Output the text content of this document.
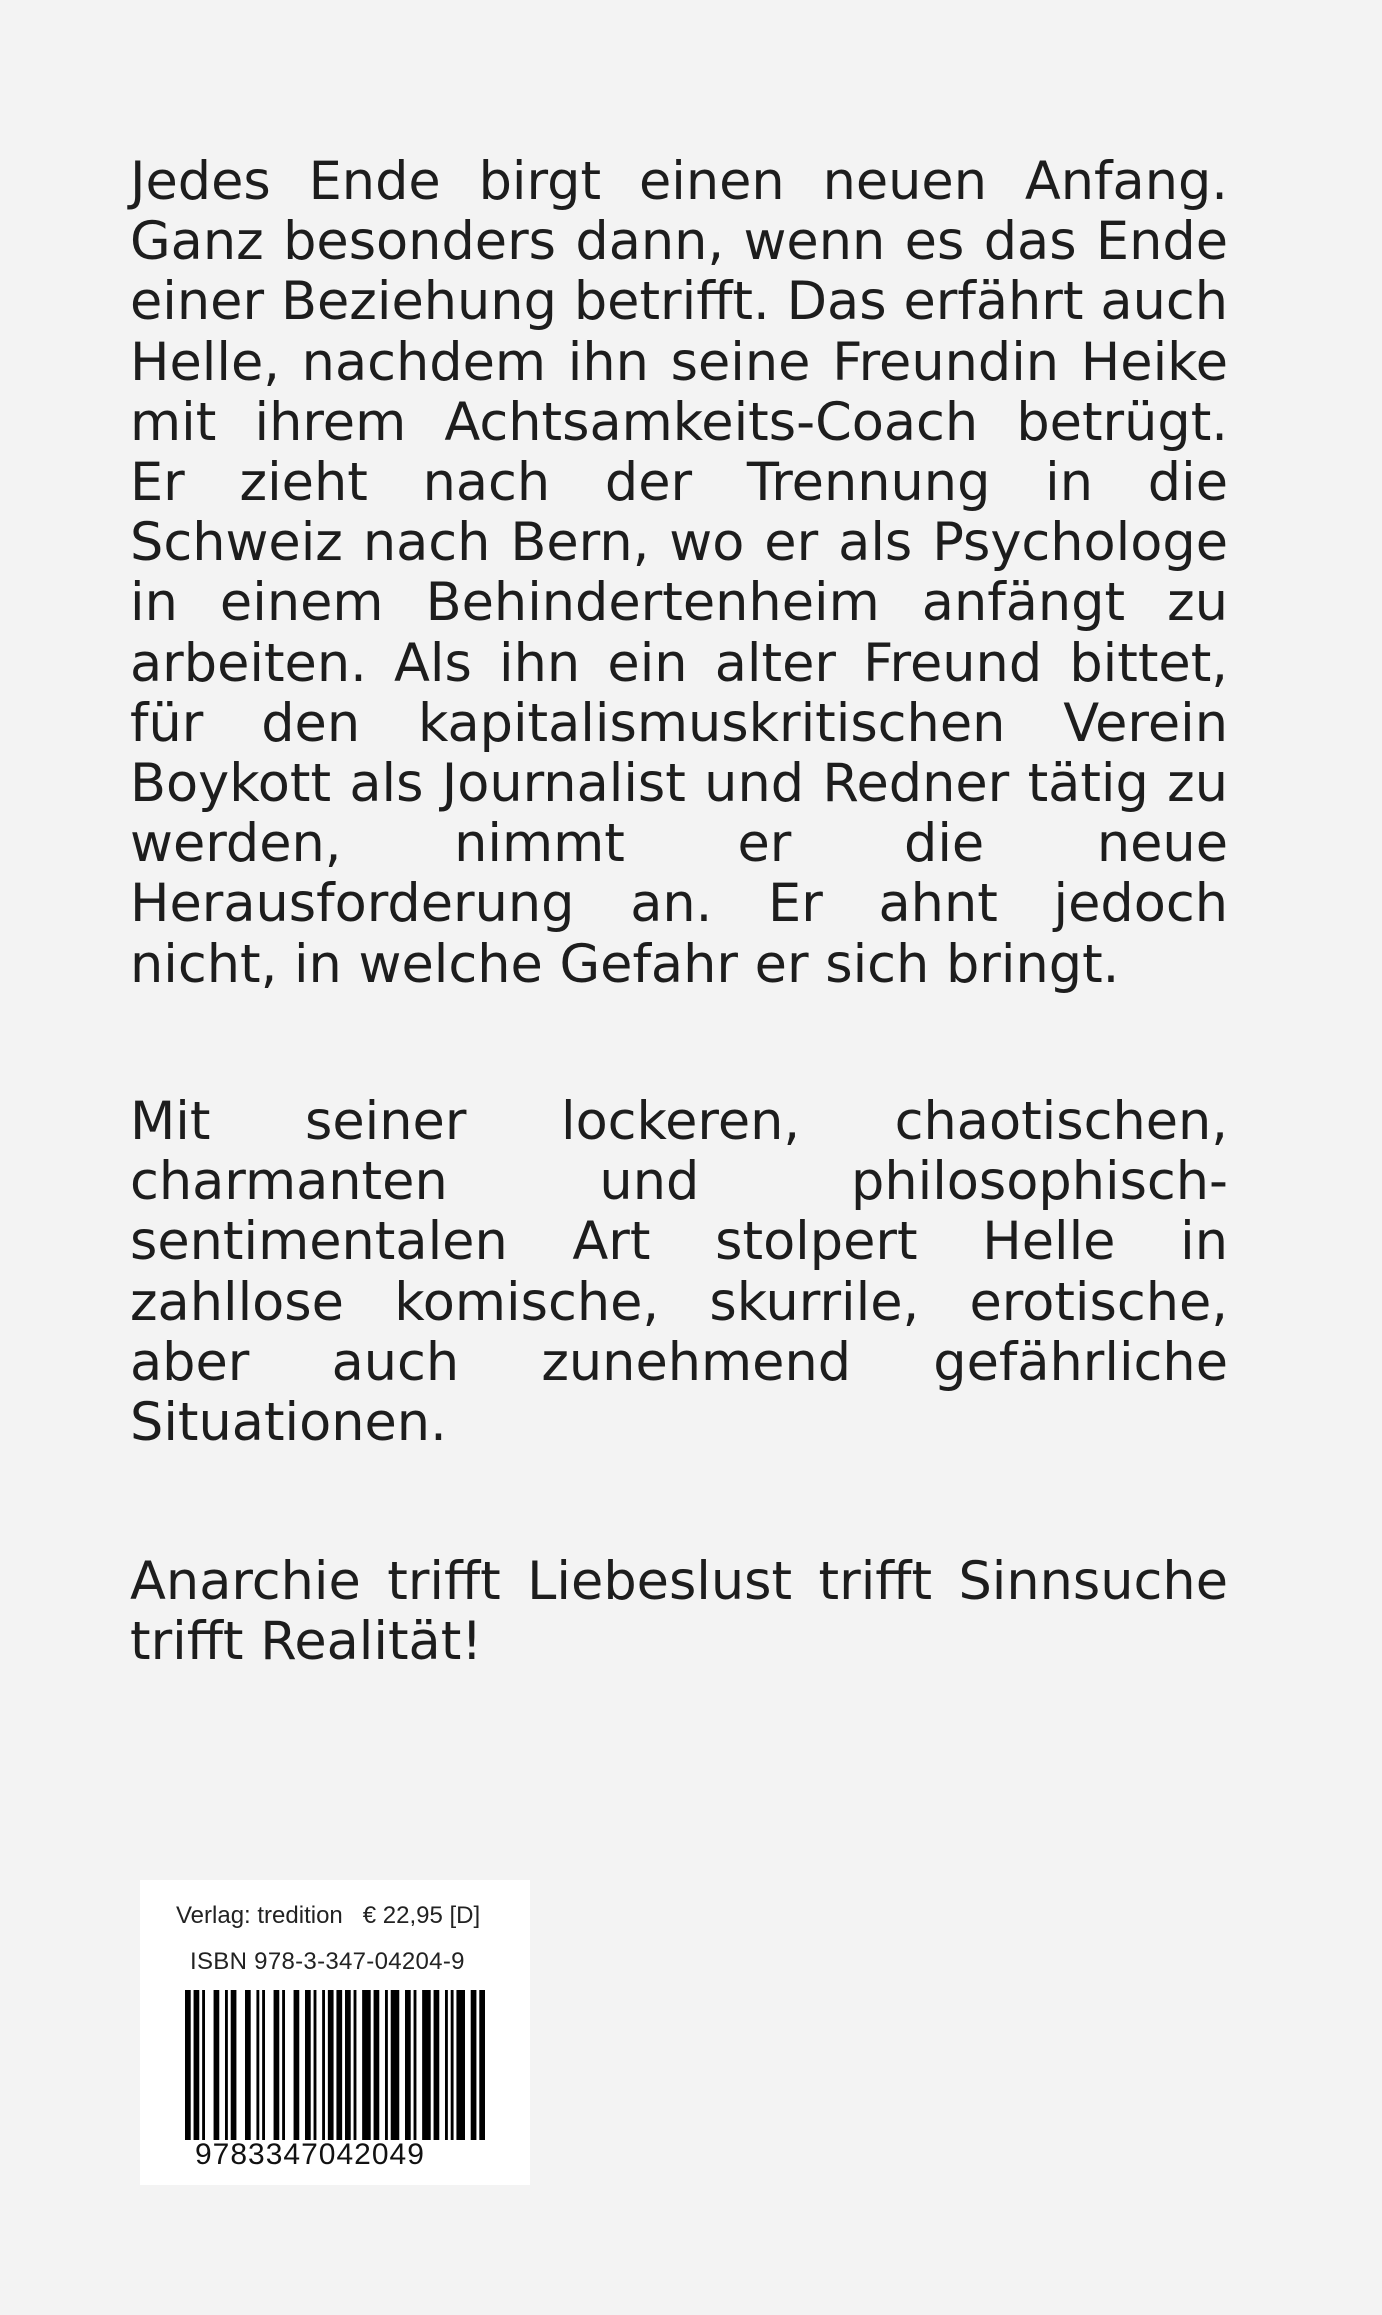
Jedes Ende birgt einen neuen Anfang. Ganz besonders dann, wenn es das Ende einer Beziehung betrifft. Das erfährt auch Helle, nachdem ihn seine Freundin Heike mit ihrem Achtsamkeits-Coach betrügt. Er zieht nach der Trennung in die Schweiz nach Bern, wo er als Psychologe in einem Behindertenheim anfängt zu arbeiten. Als ihn ein alter Freund bittet, für den kapitalismuskritischen Verein Boykott als Journalist und Redner tätig zu werden, nimmt er die neue Herausforderung an. Er ahnt jedoch nicht, in welche Gefahr er sich bringt.

Mit seiner lockeren, chaotischen, charmanten und philosophisch-sentimentalen Art stolpert Helle in zahllose komische, skurrile, erotische, aber auch zunehmend gefährliche Situationen.

Anarchie trifft Liebeslust trifft Sinnsuche trifft Realität!

Verlag: tredition   € 22,95 [D]
ISBN 978-3-347-04204-9
9783347042049
